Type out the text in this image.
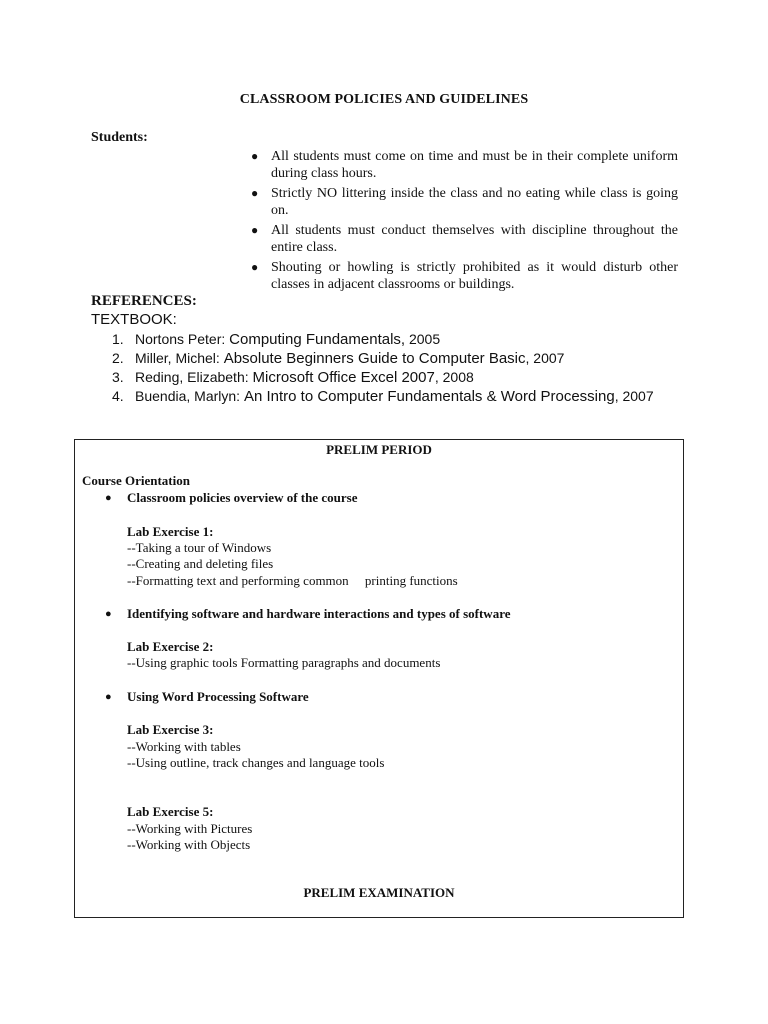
CLASSROOM POLICIES AND GUIDELINES
Students:
● All students must come on time and must be in their complete uniform during class hours.
● Strictly NO littering inside the class and no eating while class is going on.
● All students must conduct themselves with discipline throughout the entire class.
● Shouting or howling is strictly prohibited as it would disturb other classes in adjacent classrooms or buildings.
REFERENCES:
TEXTBOOK:
1. Nortons Peter: Computing Fundamentals, 2005
2. Miller, Michel: Absolute Beginners Guide to Computer Basic, 2007
3. Reding, Elizabeth: Microsoft Office Excel 2007, 2008
4. Buendia, Marlyn: An Intro to Computer Fundamentals & Word Processing, 2007
PRELIM PERIOD
Course Orientation
● Classroom policies overview of the course
Lab Exercise 1:
--Taking a tour of Windows
--Creating and deleting files
--Formatting text and performing common     printing functions
● Identifying software and hardware interactions and types of software
Lab Exercise 2:
--Using graphic tools Formatting paragraphs and documents
● Using Word Processing Software
Lab Exercise 3:
--Working with tables
--Using outline, track changes and language tools
Lab Exercise 5:
--Working with Pictures
--Working with Objects
PRELIM EXAMINATION
